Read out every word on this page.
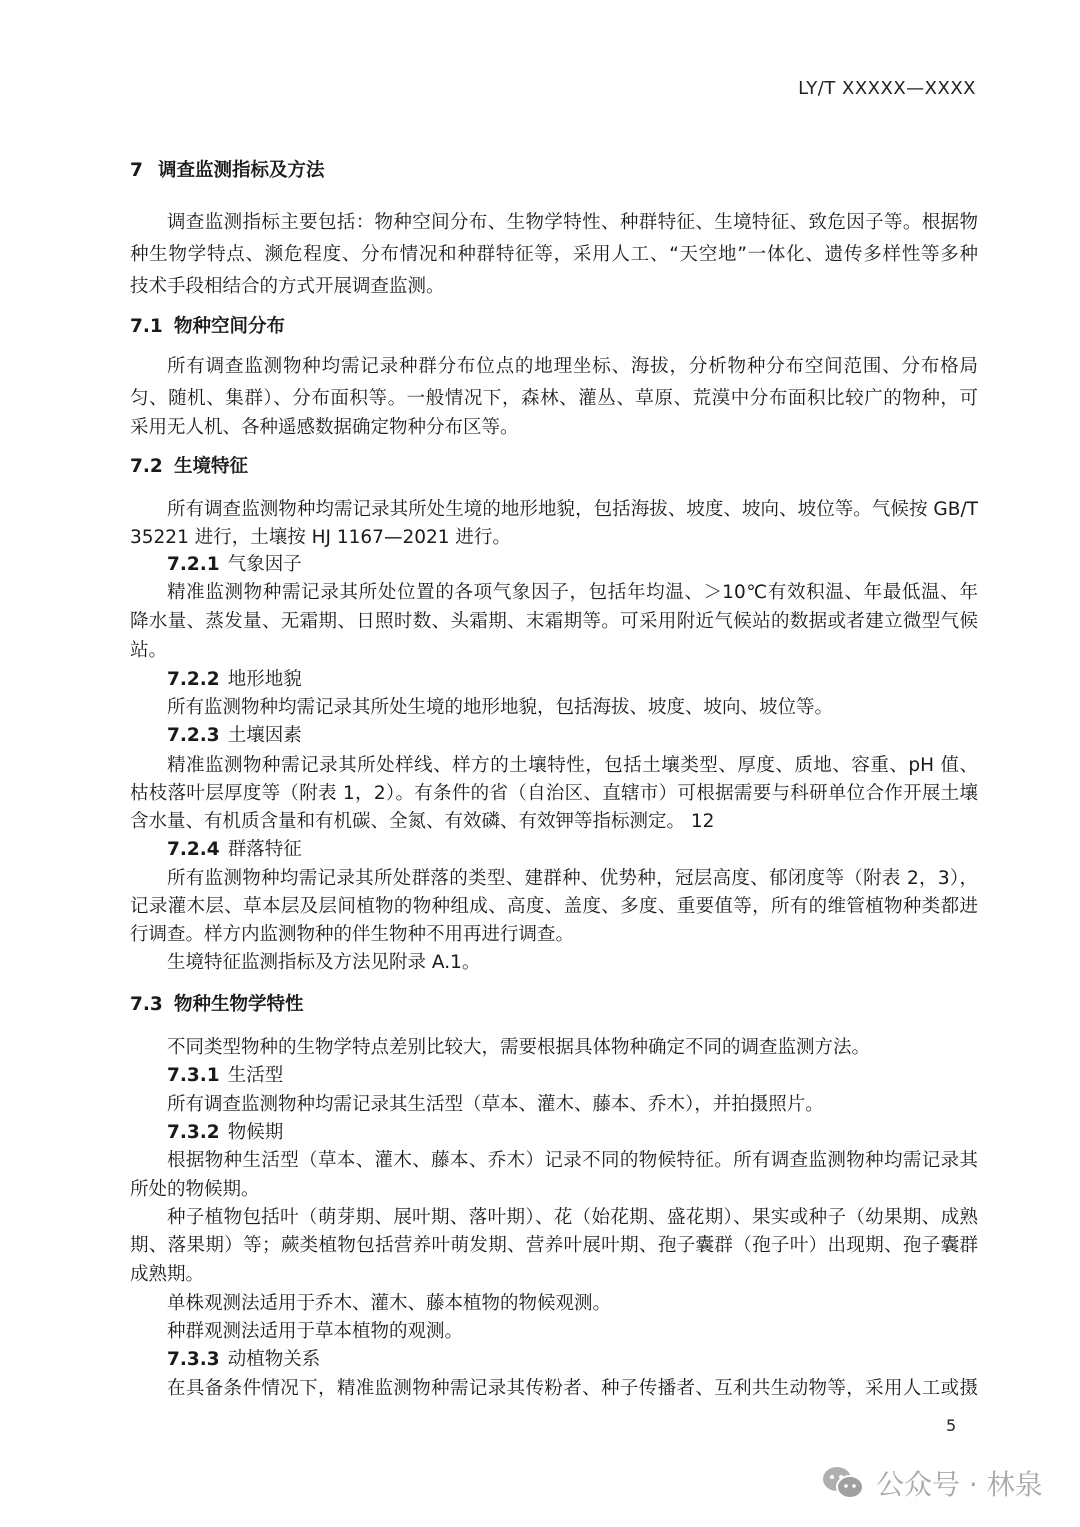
LY/T XXXXX—XXXX
5
公众号 · 林泉
7 调查监测指标及方法
调查监测指标主要包括：物种空间分布、生物学特性、种群特征、生境特征、致危因子等。根据物
种生物学特点、濒危程度、分布情况和种群特征等，采用人工、“天空地”一体化、遗传多样性等多种
技术手段相结合的方式开展调查监测。
7.1 物种空间分布
所有调查监测物种均需记录种群分布位点的地理坐标、海拔，分析物种分布空间范围、分布格局
匀、随机、集群）、分布面积等。一般情况下，森林、灌丛、草原、荒漠中分布面积比较广的物种，可
采用无人机、各种遥感数据确定物种分布区等。
7.2 生境特征
所有调查监测物种均需记录其所处生境的地形地貌，包括海拔、坡度、坡向、坡位等。气候按 GB/T
35221 进行，土壤按 HJ 1167—2021 进行。
7.2.1 气象因子
精准监测物种需记录其所处位置的各项气象因子，包括年均温、＞10℃有效积温、年最低温、年
降水量、蒸发量、无霜期、日照时数、头霜期、末霜期等。可采用附近气候站的数据或者建立微型气候
站。
7.2.2 地形地貌
所有监测物种均需记录其所处生境的地形地貌，包括海拔、坡度、坡向、坡位等。
7.2.3 土壤因素
精准监测物种需记录其所处样线、样方的土壤特性，包括土壤类型、厚度、质地、容重、pH 值、
枯枝落叶层厚度等（附表 1，2）。有条件的省（自治区、直辖市）可根据需要与科研单位合作开展土壤
含水量、有机质含量和有机碳、全氮、有效磷、有效钾等指标测定。 12
7.2.4 群落特征
所有监测物种均需记录其所处群落的类型、建群种、优势种，冠层高度、郁闭度等（附表 2，3），
记录灌木层、草本层及层间植物的物种组成、高度、盖度、多度、重要值等，所有的维管植物种类都进
行调查。样方内监测物种的伴生物种不用再进行调查。
生境特征监测指标及方法见附录 A.1。
7.3 物种生物学特性
不同类型物种的生物学特点差别比较大，需要根据具体物种确定不同的调查监测方法。
7.3.1 生活型
所有调查监测物种均需记录其生活型（草本、灌木、藤本、乔木），并拍摄照片。
7.3.2 物候期
根据物种生活型（草本、灌木、藤本、乔木）记录不同的物候特征。所有调查监测物种均需记录其
所处的物候期。
种子植物包括叶（萌芽期、展叶期、落叶期）、花（始花期、盛花期）、果实或种子（幼果期、成熟
期、落果期）等；蕨类植物包括营养叶萌发期、营养叶展叶期、孢子囊群（孢子叶）出现期、孢子囊群
成熟期。
单株观测法适用于乔木、灌木、藤本植物的物候观测。
种群观测法适用于草本植物的观测。
7.3.3 动植物关系
在具备条件情况下，精准监测物种需记录其传粉者、种子传播者、互利共生动物等，采用人工或摄
